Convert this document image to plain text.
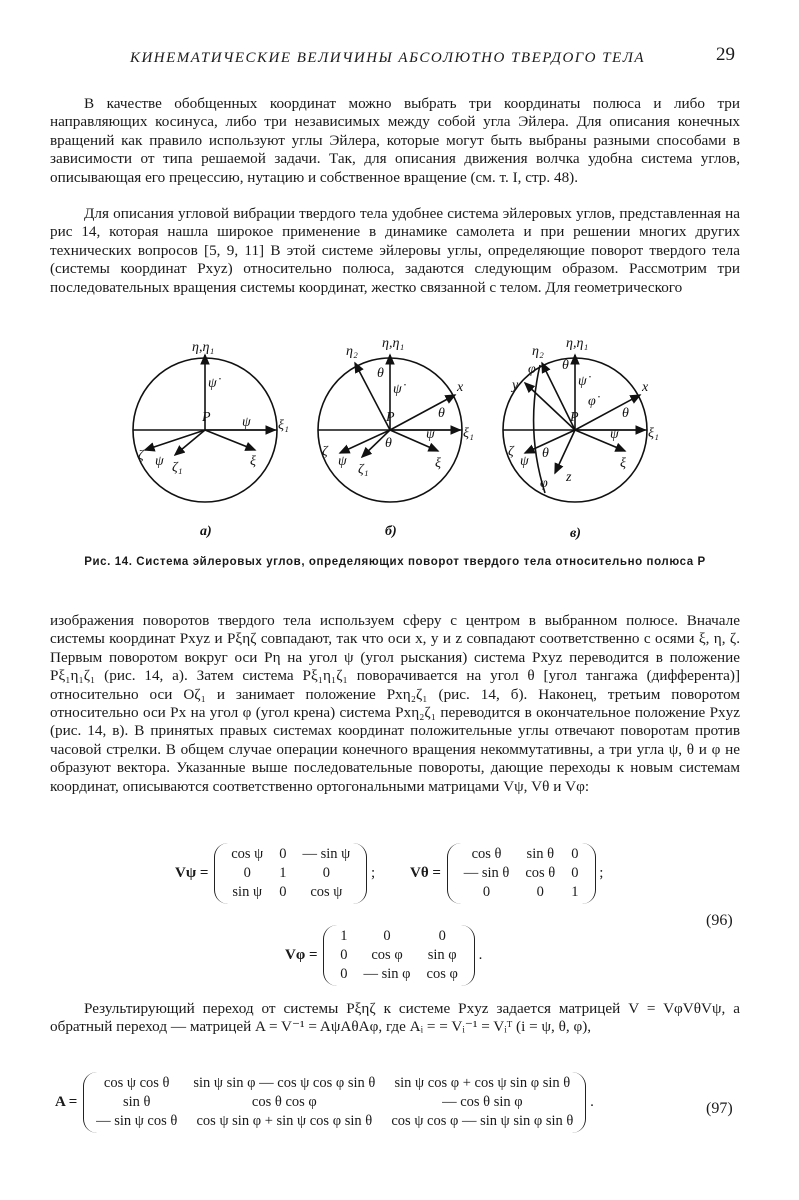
КИНЕМАТИЧЕСКИЕ ВЕЛИЧИНЫ АБСОЛЮТНО ТВЕРДОГО ТЕЛА	29

В качестве обобщенных координат можно выбрать три координаты полюса и либо три направляющих косинуса, либо три независимых между собой угла Эйлера. Для описания конечных вращений как правило используют углы Эйлера, которые могут быть выбраны разными способами в зависимости от типа решаемой задачи. Так, для описания движения волчка удобна система углов, описывающая его прецессию, нутацию и собственное вращение (см. т. I, стр. 48).

Для описания угловой вибрации твердого тела удобнее система эйлеровых углов, представленная на рис 14, которая нашла широкое применение в динамике самолета и при решении многих других технических вопросов [5, 9, 11] В этой системе эйлеровы углы, определяющие поворот твердого тела (системы координат Pxyz) относительно полюса, задаются следующим образом. Рассмотрим три последовательных вращения системы координат, жестко связанной с телом. Для геометрического

η,η₁
ψ̇
P
ξ₁
ψ
ξ
ζ₁
ζ ψ
а)
η,η₁
η₂
θ
ψ̇
P
x
θ
ξ₁
ψ
ξ
ζ
ψ
ζ₁
θ
б)
η,η₁
η₂
θ
ψ̇
φ̇
y
φ
P
x
θ
ξ₁
ψ
ξ
ζ
ψ
θ
z
φ
в)
Рис. 14. Система эйлеровых углов, определяющих поворот твердого тела относительно полюса P

изображения поворотов твердого тела используем сферу с центром в выбранном полюсе. Вначале системы координат Pxyz и Pξηζ совпадают, так что оси x, y и z совпадают соответственно с осями ξ, η, ζ. Первым поворотом вокруг оси Pη на угол ψ (угол рыскания) система Pxyz переводится в положение Pξ₁η₁ζ₁ (рис. 14, а). Затем система Pξ₁η₁ζ₁ поворачивается на угол θ [угол тангажа (дифферента)] относительно оси Oζ₁ и занимает положение Pxη₂ζ₁ (рис. 14, б). Наконец, третьим поворотом относительно оси Px на угол φ (угол крена) система Pxη₂ζ₁ переводится в окончательное положение Pxyz (рис. 14, в). В принятых правых системах координат положительные углы отвечают поворотам против часовой стрелки. В общем случае операции конечного вращения некоммутативны, а три угла ψ, θ и φ не образуют вектора. Указанные выше последовательные повороты, дающие переходы к новым системам координат, описываются соответственно ортогональными матрицами Vψ, Vθ и Vφ:

Vψ =
cos ψ	0	— sin ψ
0	1	0
sin ψ	0	cos ψ
; Vθ =
cos θ	sin θ	0
— sin θ	cos θ	0
0	0	1
;
(96)
Vφ =
1	0	0
0	cos φ	sin φ
0	— sin φ	cos φ
.

Результирующий переход от системы Pξηζ к системе Pxyz задается матрицей V = VφVθVψ, а обратный переход — матрицей A = V⁻¹ = AψAθAφ, где Aᵢ = = Vᵢ⁻¹ = Vᵢᵀ (i = ψ, θ, φ),

A =
cos ψ cos θ	sin ψ sin φ — cos ψ cos φ sin θ	sin ψ cos φ + cos ψ sin φ sin θ
sin θ	cos θ cos φ	— cos θ sin φ
— sin ψ cos θ	cos ψ sin φ + sin ψ cos φ sin θ	cos ψ cos φ — sin ψ sin φ sin θ
.	(97)
